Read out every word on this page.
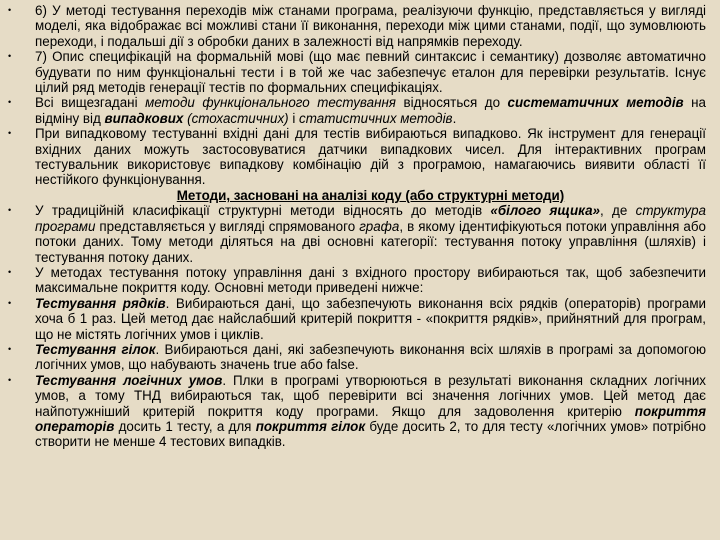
• 6) У методі тестування переходів між станами програма, реалізуючи функцію, представляється у вигляді моделі, яка відображає всі можливі стани її виконання, переходи між цими станами, події, що зумовлюють переходи, і подальші дії з обробки даних в залежності від напрямків переходу.
• 7) Опис специфікацій на формальній мові (що має певний синтаксис і семантику) дозволяє автоматично будувати по ним функціональні тести і в той же час забезпечує еталон для перевірки результатів. Існує цілий ряд методів генерації тестів по формальних специфікаціях.
• Всі вищезгадані методи функціонального тестування відносяться до систематичних методів на відміну від випадкових (стохастичних) і статистичних методів.
• При випадковому тестуванні вхідні дані для тестів вибираються випадково. Як інструмент для генерації вхідних даних можуть застосовуватися датчики випадкових чисел. Для інтерактивних програм тестувальник використовує випадкову комбінацію дій з програмою, намагаючись виявити області її нестійкого функціонування.
Методи, засновані на аналізі коду (або структурні методи)
• У традиційній класифікації структурні методи відносять до методів «білого ящика», де структура програми представляється у вигляді спрямованого графа, в якому ідентифікуються потоки управління або потоки даних. Тому методи діляться на дві основні категорії: тестування потоку управління (шляхів) і тестування потоку даних.
• У методах тестування потоку управління дані з вхідного простору вибираються так, щоб забезпечити максимальне покриття коду. Основні методи приведені нижче:
• Тестування рядків. Вибираються дані, що забезпечують виконання всіх рядків (операторів) програми хоча б 1 раз. Цей метод дає найслабший критерій покриття - «покриття рядків», прийнятний для програм, що не містять логічних умов і циклів.
• Тестування гілок. Вибираються дані, які забезпечують виконання всіх шляхів в програмі за допомогою логічних умов, що набувають значень true або false.
• Тестування логічних умов. Плки в програмі утворюються в результаті виконання складних логічних умов, а тому ТНД вибираються так, щоб перевірити всі значення логічних умов. Цей метод дає найпотужніший критерій покриття коду програми. Якщо для задоволення критерію покриття операторів досить 1 тесту, а для покриття гілок буде досить 2, то для тесту «логічних умов» потрібно створити не менше 4 тестових випадків.
